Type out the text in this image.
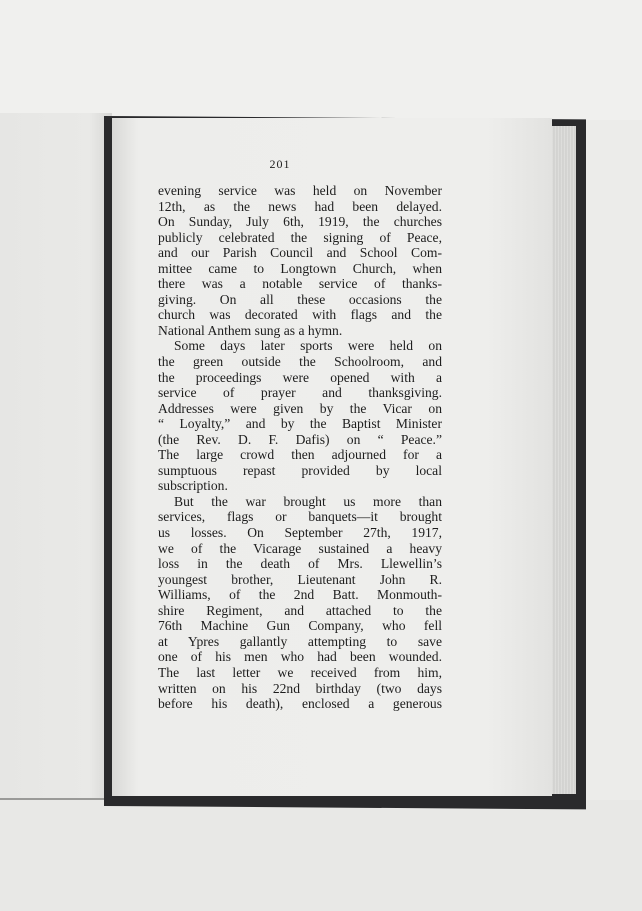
201
evening service was held on November
12th, as the news had been delayed.
On Sunday, July 6th, 1919, the churches
publicly celebrated the signing of Peace,
and our Parish Council and School Com-
mittee came to Longtown Church, when
there was a notable service of thanks-
giving. On all these occasions the
church was decorated with flags and the
National Anthem sung as a hymn.
Some days later sports were held on
the green outside the Schoolroom, and
the proceedings were opened with a
service of prayer and thanksgiving.
Addresses were given by the Vicar on
“ Loyalty,” and by the Baptist Minister
(the Rev. D. F. Dafis) on “ Peace.”
The large crowd then adjourned for a
sumptuous repast provided by local
subscription.
But the war brought us more than
services, flags or banquets—it brought
us losses. On September 27th, 1917,
we of the Vicarage sustained a heavy
loss in the death of Mrs. Llewellin’s
youngest brother, Lieutenant John R.
Williams, of the 2nd Batt. Monmouth-
shire Regiment, and attached to the
76th Machine Gun Company, who fell
at Ypres gallantly attempting to save
one of his men who had been wounded.
The last letter we received from him,
written on his 22nd birthday (two days
before his death), enclosed a generous
